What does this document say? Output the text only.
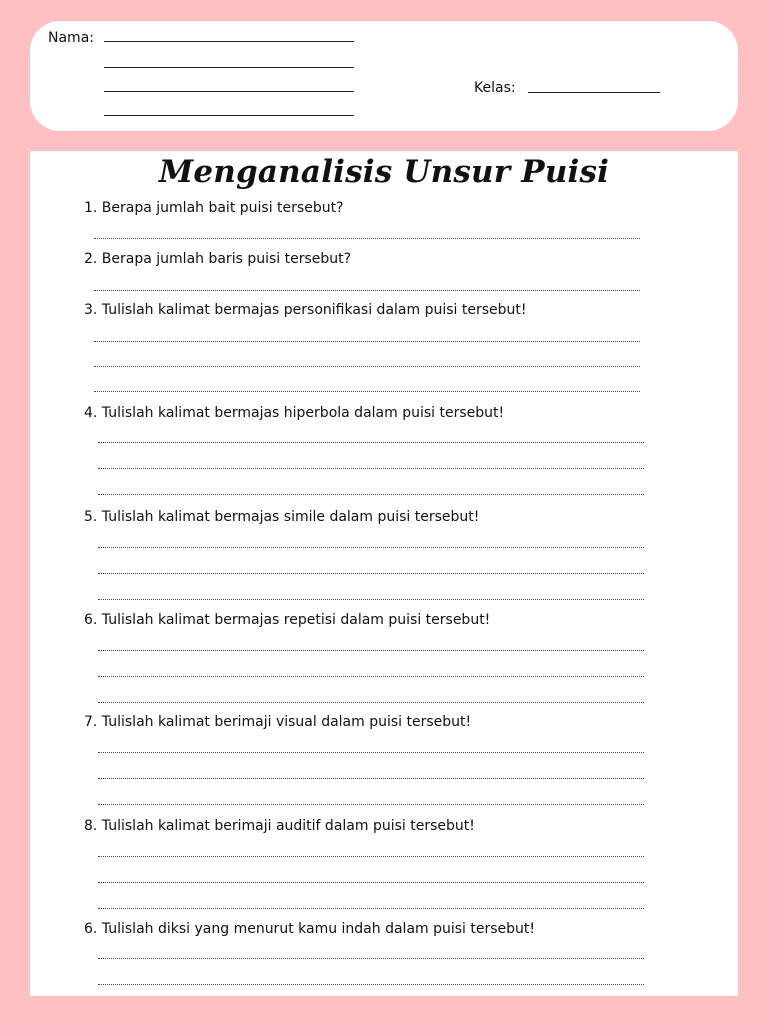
Nama:
Kelas:
Menganalisis Unsur Puisi
1. Berapa jumlah bait puisi tersebut?
2. Berapa jumlah baris puisi tersebut?
3. Tulislah kalimat bermajas personifikasi dalam puisi tersebut!
4. Tulislah kalimat bermajas hiperbola dalam puisi tersebut!
5. Tulislah kalimat bermajas simile dalam puisi tersebut!
6. Tulislah kalimat bermajas repetisi dalam puisi tersebut!
7. Tulislah kalimat berimaji visual dalam puisi tersebut!
8. Tulislah kalimat berimaji auditif dalam puisi tersebut!
6. Tulislah diksi yang menurut kamu indah dalam puisi tersebut!
